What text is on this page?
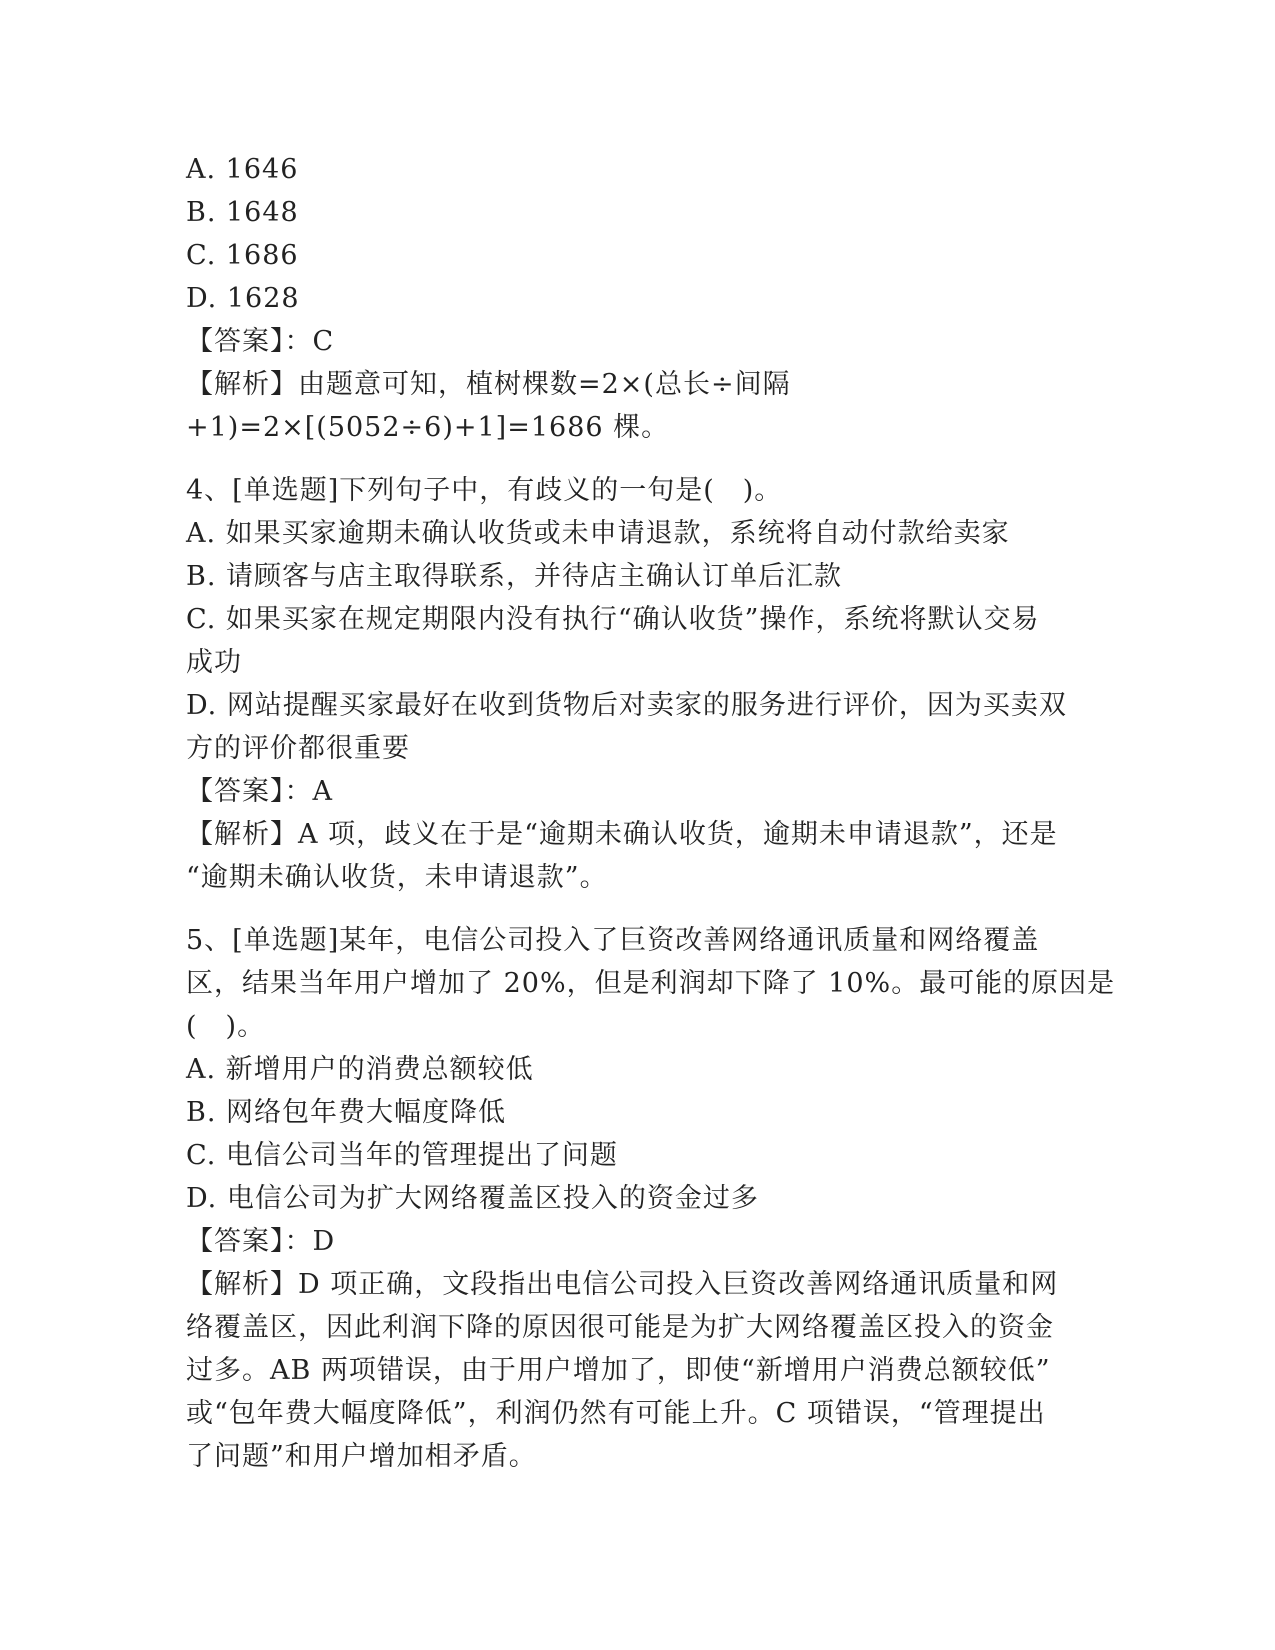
A. 1646
B. 1648
C. 1686
D. 1628
【答案】：C
【解析】由题意可知，植树棵数=2×(总长÷间隔
+1)=2×[(5052÷6)+1]=1686 棵。
4、[单选题]下列句子中，有歧义的一句是(　)。
A. 如果买家逾期未确认收货或未申请退款，系统将自动付款给卖家
B. 请顾客与店主取得联系，并待店主确认订单后汇款
C. 如果买家在规定期限内没有执行“确认收货”操作，系统将默认交易
成功
D. 网站提醒买家最好在收到货物后对卖家的服务进行评价，因为买卖双
方的评价都很重要
【答案】：A
【解析】A 项，歧义在于是“逾期未确认收货，逾期未申请退款”，还是
“逾期未确认收货，未申请退款”。
5、[单选题]某年，电信公司投入了巨资改善网络通讯质量和网络覆盖
区，结果当年用户增加了 20%，但是利润却下降了 10%。最可能的原因是
(　)。
A. 新增用户的消费总额较低
B. 网络包年费大幅度降低
C. 电信公司当年的管理提出了问题
D. 电信公司为扩大网络覆盖区投入的资金过多
【答案】：D
【解析】D 项正确，文段指出电信公司投入巨资改善网络通讯质量和网
络覆盖区，因此利润下降的原因很可能是为扩大网络覆盖区投入的资金
过多。AB 两项错误，由于用户增加了，即使“新增用户消费总额较低”
或“包年费大幅度降低”，利润仍然有可能上升。C 项错误，“管理提出
了问题”和用户增加相矛盾。
